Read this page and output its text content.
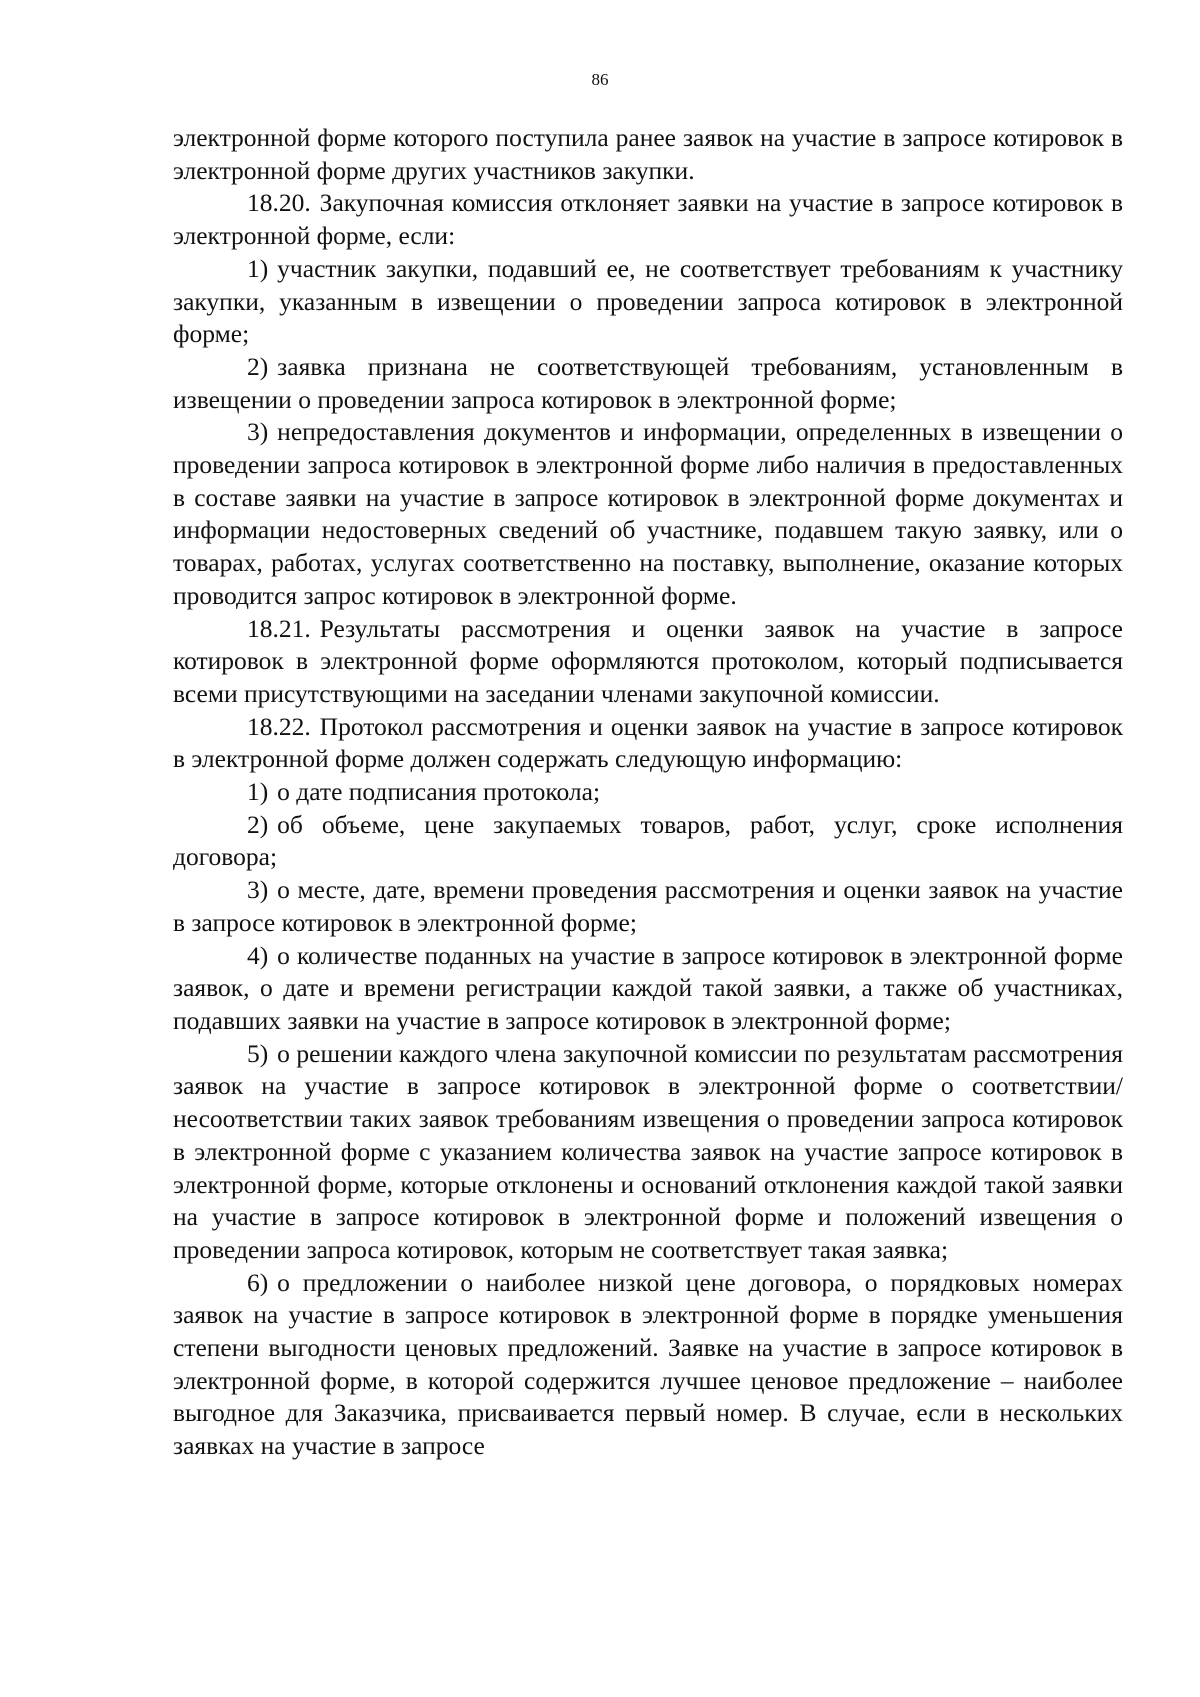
86

электронной форме которого поступила ранее заявок на участие в запросе котировок в электронной форме других участников закупки.

18.20. Закупочная комиссия отклоняет заявки на участие в запросе котировок в электронной форме, если:

1) участник закупки, подавший ее, не соответствует требованиям к участнику закупки, указанным в извещении о проведении запроса котировок в электронной форме;

2) заявка признана не соответствующей требованиям, установленным в извещении о проведении запроса котировок в электронной форме;

3) непредоставления документов и информации, определенных в извещении о проведении запроса котировок в электронной форме либо наличия в предоставленных в составе заявки на участие в запросе котировок в электронной форме документах и информации недостоверных сведений об участнике, подавшем такую заявку, или о товарах, работах, услугах соответственно на поставку, выполнение, оказание которых проводится запрос котировок в электронной форме.

18.21. Результаты рассмотрения и оценки заявок на участие в запросе котировок в электронной форме оформляются протоколом, который подписывается всеми присутствующими на заседании членами закупочной комиссии.

18.22. Протокол рассмотрения и оценки заявок на участие в запросе котировок в электронной форме должен содержать следующую информацию:

1) о дате подписания протокола;

2) об объеме, цене закупаемых товаров, работ, услуг, сроке исполнения договора;

3) о месте, дате, времени проведения рассмотрения и оценки заявок на участие в запросе котировок в электронной форме;

4) о количестве поданных на участие в запросе котировок в электронной форме заявок, о дате и времени регистрации каждой такой заявки, а также об участниках, подавших заявки на участие в запросе котировок в электронной форме;

5) о решении каждого члена закупочной комиссии по результатам рассмотрения заявок на участие в запросе котировок в электронной форме о соответствии/несоответствии таких заявок требованиям извещения о проведении запроса котировок в электронной форме с указанием количества заявок на участие запросе котировок в электронной форме, которые отклонены и оснований отклонения каждой такой заявки на участие в запросе котировок в электронной форме и положений извещения о проведении запроса котировок, которым не соответствует такая заявка;

6) о предложении о наиболее низкой цене договора, о порядковых номерах заявок на участие в запросе котировок в электронной форме в порядке уменьшения степени выгодности ценовых предложений. Заявке на участие в запросе котировок в электронной форме, в которой содержится лучшее ценовое предложение – наиболее выгодное для Заказчика, присваивается первый номер. В случае, если в нескольких заявках на участие в запросе
